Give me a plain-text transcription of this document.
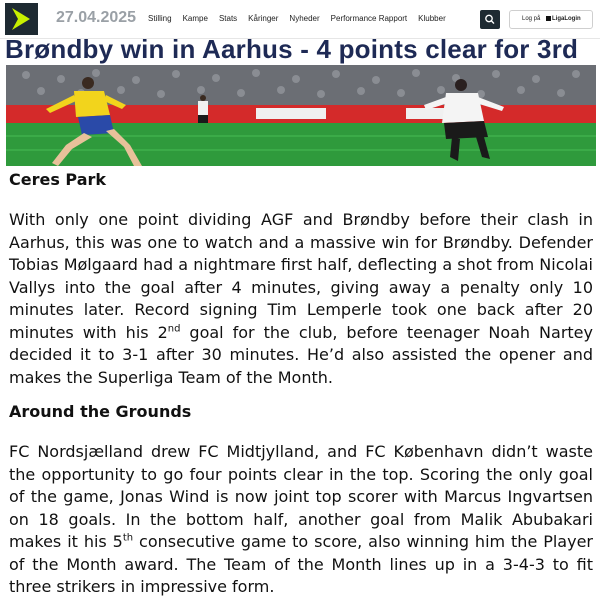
27.04.2025 Stilling Kampe Stats Kåringer Nyheder Performance Rapport Klubber	Log på	LigaLogin
Brøndby win in Aarhus - 4 points clear for 3rd
Ceres Park

With only one point dividing AGF and Brøndby before their clash in Aarhus, this was one to watch and a massive win for Brøndby. Defender Tobias Mølgaard had a nightmare first half, deflecting a shot from Nicolai Vallys into the goal after 4 minutes, giving away a penalty only 10 minutes later. Record signing Tim Lemperle took one back after 20 minutes with his 2nd goal for the club, before teenager Noah Nartey decided it to 3-1 after 30 minutes. He’d also assisted the opener and makes the Superliga Team of the Month.

Around the Grounds

FC Nordsjælland drew FC Midtjylland, and FC København didn’t waste the opportunity to go four points clear in the top. Scoring the only goal of the game, Jonas Wind is now joint top scorer with Marcus Ingvartsen on 18 goals. In the bottom half, another goal from Malik Abubakari makes it his 5th consecutive game to score, also winning him the Player of the Month award. The Team of the Month lines up in a 3-4-3 to fit three strikers in impressive form.
